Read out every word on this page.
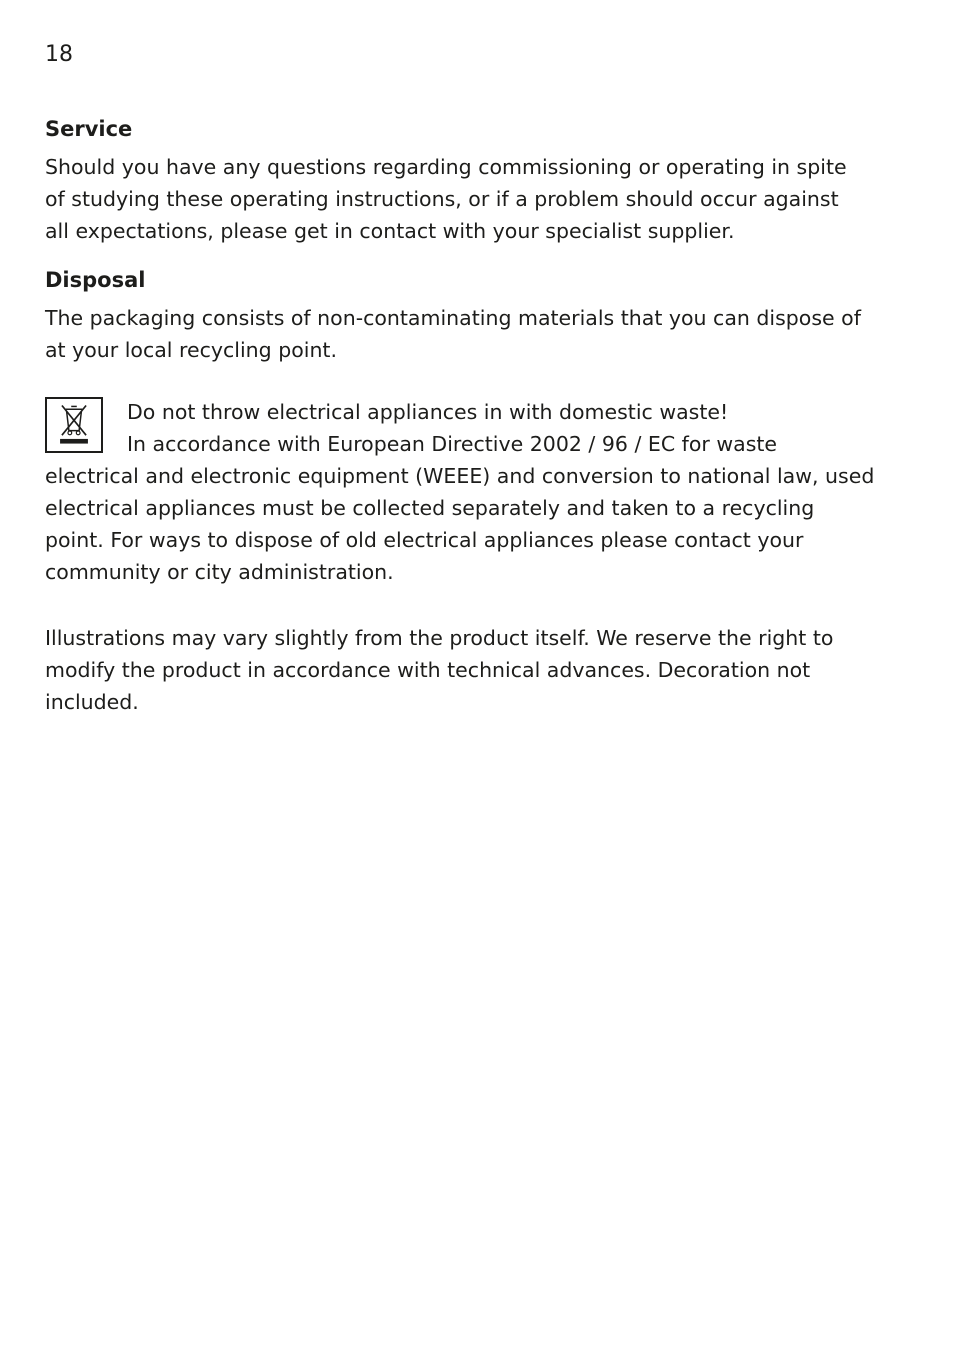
18
Service

Should you have any questions regarding commissioning or operating in spite of studying these operating instructions, or if a problem should occur against all expectations, please get in contact with your specialist supplier.

Disposal

The packaging consists of non-contaminating materials that you can dispose of at your local recycling point.

Do not throw electrical appliances in with domestic waste!
In accordance with European Directive 2002 / 96 / EC for waste
electrical and electronic equipment (WEEE) and conversion to national law, used electrical appliances must be collected separately and taken to a recycling point. For ways to dispose of old electrical appliances please contact your community or city administration.

Illustrations may vary slightly from the product itself. We reserve the right to modify the product in accordance with technical advances. Decoration not included.
